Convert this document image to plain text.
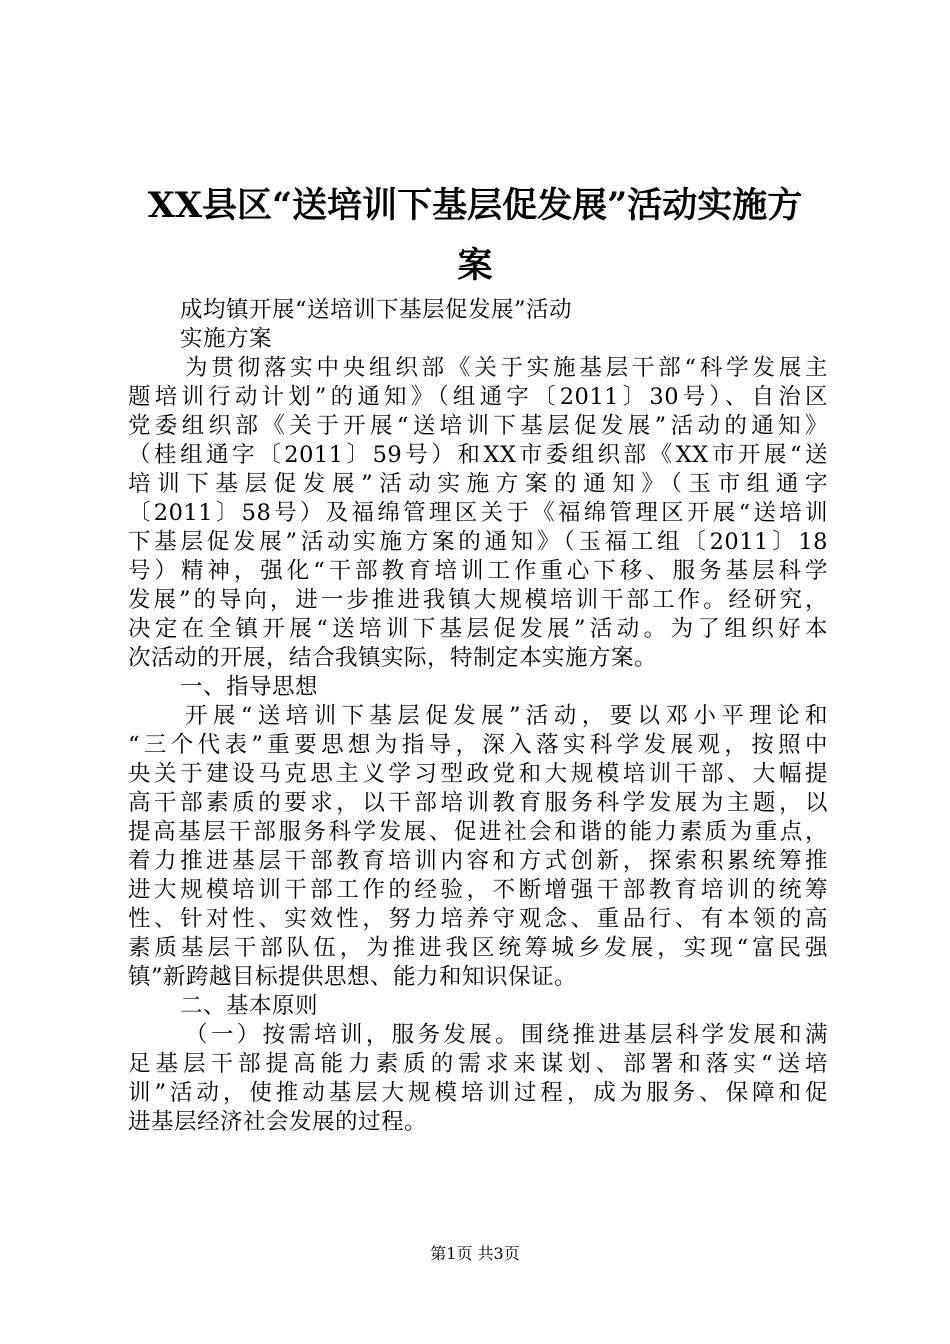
XX县区“送培训下基层促发展”活动实施方
案
成均镇开展“送培训下基层促发展”活动
实施方案
为贯彻落实中央组织部《关于实施基层干部“科学发展主
题培训行动计划”的通知》（组通字〔2011〕30号）、自治区
党委组织部《关于开展“送培训下基层促发展”活动的通知》
（桂组通字〔2011〕59号）和XX市委组织部《XX市开展“送
培训下基层促发展”活动实施方案的通知》（玉市组通字
〔2011〕58号）及福绵管理区关于《福绵管理区开展“送培训
下基层促发展”活动实施方案的通知》（玉福工组〔2011〕18
号）精神，强化“干部教育培训工作重心下移、服务基层科学
发展”的导向，进一步推进我镇大规模培训干部工作。经研究，
决定在全镇开展“送培训下基层促发展”活动。为了组织好本
次活动的开展，结合我镇实际，特制定本实施方案。
一、指导思想
开展“送培训下基层促发展”活动，要以邓小平理论和
“三个代表”重要思想为指导，深入落实科学发展观，按照中
央关于建设马克思主义学习型政党和大规模培训干部、大幅提
高干部素质的要求，以干部培训教育服务科学发展为主题，以
提高基层干部服务科学发展、促进社会和谐的能力素质为重点，
着力推进基层干部教育培训内容和方式创新，探索积累统筹推
进大规模培训干部工作的经验，不断增强干部教育培训的统筹
性、针对性、实效性，努力培养守观念、重品行、有本领的高
素质基层干部队伍，为推进我区统筹城乡发展，实现“富民强
镇”新跨越目标提供思想、能力和知识保证。
二、基本原则
（一）按需培训，服务发展。围绕推进基层科学发展和满
足基层干部提高能力素质的需求来谋划、部署和落实“送培
训”活动，使推动基层大规模培训过程，成为服务、保障和促
进基层经济社会发展的过程。
第1页 共3页
